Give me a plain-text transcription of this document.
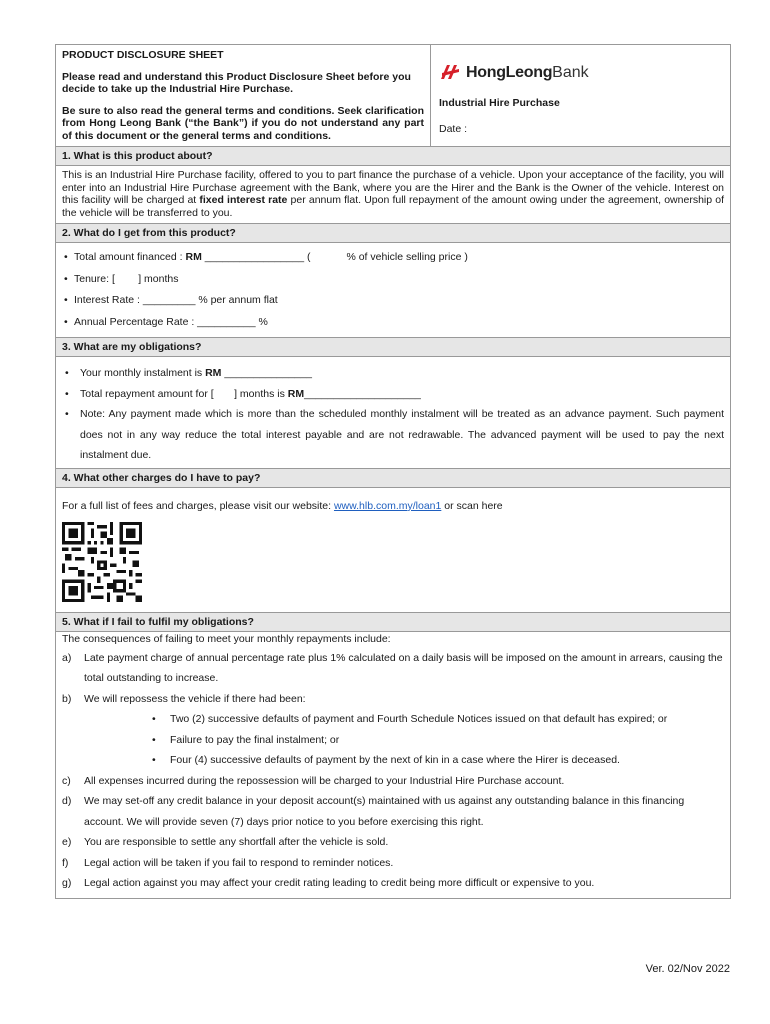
PRODUCT DISCLOSURE SHEET

Please read and understand this Product Disclosure Sheet before you decide to take up the Industrial Hire Purchase.

Be sure to also read the general terms and conditions. Seek clarification from Hong Leong Bank (“the Bank”) if you do not understand any part of this document or the general terms and conditions.

HongLeong Bank
Industrial Hire Purchase
Date :
1. What is this product about?
This is an Industrial Hire Purchase facility, offered to you to part finance the purchase of a vehicle. Upon your acceptance of the facility, you will enter into an Industrial Hire Purchase agreement with the Bank, where you are the Hirer and the Bank is the Owner of the vehicle. Interest on this facility will be charged at fixed interest rate per annum flat. Upon full repayment of the amount owing under the agreement, ownership of the vehicle will be transferred to you.
2. What do I get from this product?
• Total amount financed : RM _________________ (	% of vehicle selling price )
• Tenure: [        ] months
• Interest Rate : _________ % per annum flat
• Annual Percentage Rate : __________ %
3. What are my obligations?
• Your monthly instalment is RM _______________
• Total repayment amount for [       ] months is RM____________________
• Note: Any payment made which is more than the scheduled monthly instalment will be treated as an advance payment. Such payment does not in any way reduce the total interest payable and are not redrawable. The advanced payment will be used to pay the next instalment due.
4. What other charges do I have to pay?
For a full list of fees and charges, please visit our website: www.hlb.com.my/loan1 or scan here
5. What if I fail to fulfil my obligations?
The consequences of failing to meet your monthly repayments include:
a) Late payment charge of annual percentage rate plus 1% calculated on a daily basis will be imposed on the amount in arrears, causing the total outstanding to increase.
b) We will repossess the vehicle if there had been:
• Two (2) successive defaults of payment and Fourth Schedule Notices issued on that default has expired; or
• Failure to pay the final instalment; or
• Four (4) successive defaults of payment by the next of kin in a case where the Hirer is deceased.
c) All expenses incurred during the repossession will be charged to your Industrial Hire Purchase account.
d) We may set-off any credit balance in your deposit account(s) maintained with us against any outstanding balance in this financing account. We will provide seven (7) days prior notice to you before exercising this right.
e) You are responsible to settle any shortfall after the vehicle is sold.
f) Legal action will be taken if you fail to respond to reminder notices.
g) Legal action against you may affect your credit rating leading to credit being more difficult or expensive to you.
Ver. 02/Nov 2022
